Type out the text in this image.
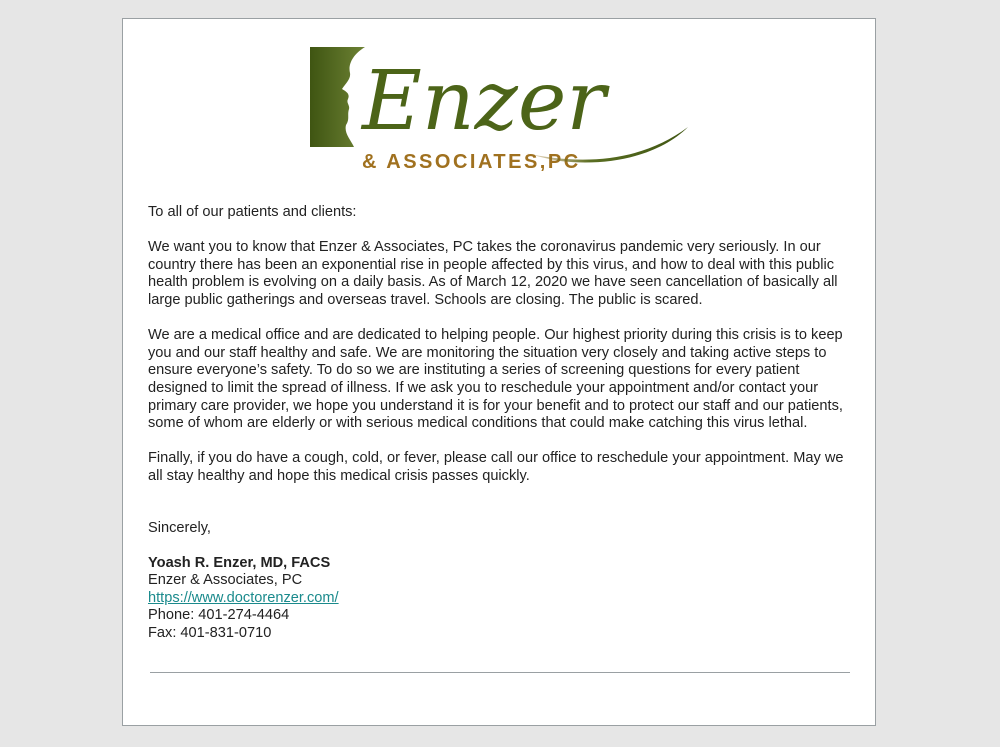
Enzer
& ASSOCIATES,PC

To all of our patients and clients:

We want you to know that Enzer & Associates, PC takes the coronavirus pandemic very seriously. In our country there has been an exponential rise in people affected by this virus, and how to deal with this public health problem is evolving on a daily basis. As of March 12, 2020 we have seen cancellation of basically all large public gatherings and overseas travel. Schools are closing. The public is scared.

We are a medical office and are dedicated to helping people. Our highest priority during this crisis is to keep you and our staff healthy and safe. We are monitoring the situation very closely and taking active steps to ensure everyone’s safety. To do so we are instituting a series of screening questions for every patient designed to limit the spread of illness. If we ask you to reschedule your appointment and/or contact your primary care provider, we hope you understand it is for your benefit and to protect our staff and our patients, some of whom are elderly or with serious medical conditions that could make catching this virus lethal.

Finally, if you do have a cough, cold, or fever, please call our office to reschedule your appointment. May we all stay healthy and hope this medical crisis passes quickly.

Sincerely,

Yoash R. Enzer, MD, FACS
Enzer & Associates, PC
https://www.doctorenzer.com/
Phone: 401-274-4464
Fax: 401-831-0710
